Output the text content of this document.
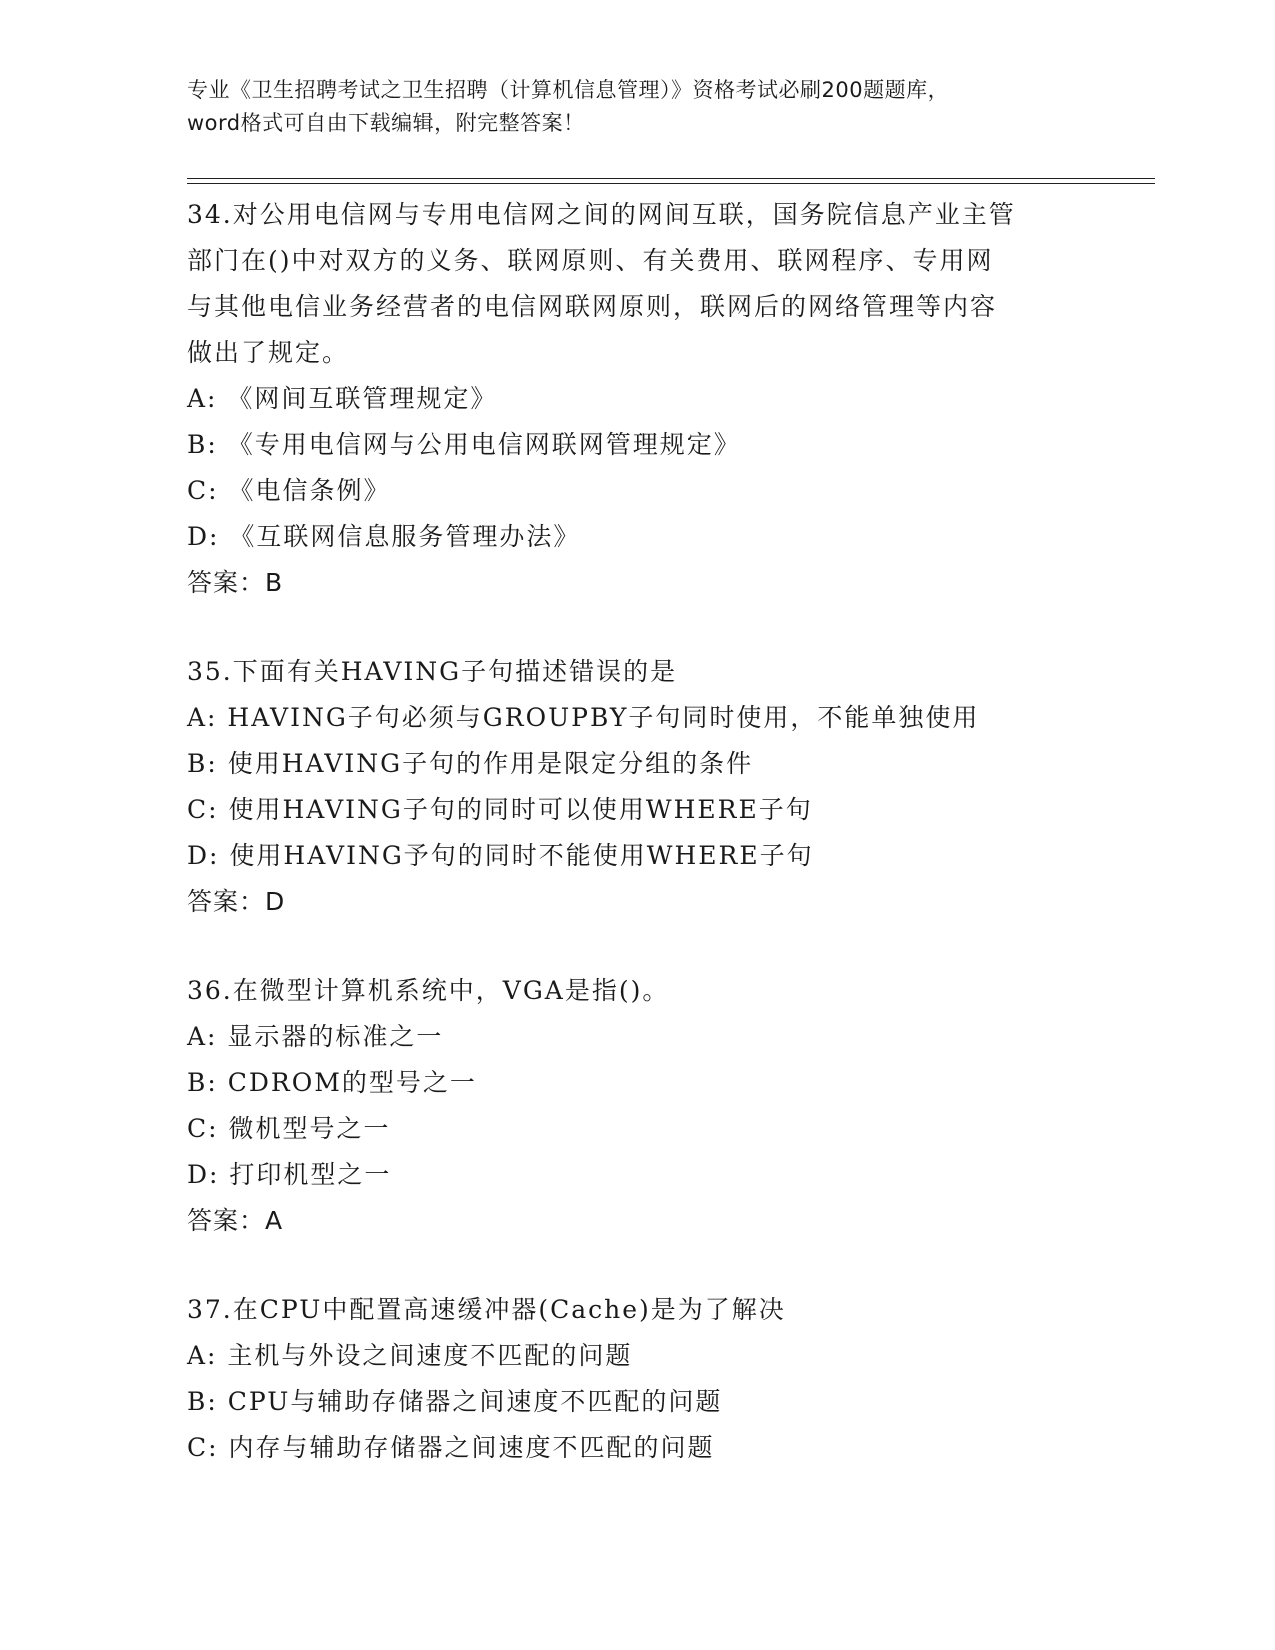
专业《卫生招聘考试之卫生招聘（计算机信息管理）》资格考试必刷200题题库，
word格式可自由下载编辑，附完整答案！
34.对公用电信网与专用电信网之间的网间互联，国务院信息产业主管
部门在()中对双方的义务、联网原则、有关费用、联网程序、专用网
与其他电信业务经营者的电信网联网原则，联网后的网络管理等内容
做出了规定。
A: 《网间互联管理规定》
B: 《专用电信网与公用电信网联网管理规定》
C: 《电信条例》
D: 《互联网信息服务管理办法》
答案：B
35.下面有关HAVING子句描述错误的是
A: HAVING子句必须与GROUPBY子句同时使用，不能单独使用
B: 使用HAVING子句的作用是限定分组的条件
C: 使用HAVING子句的同时可以使用WHERE子句
D: 使用HAVING予句的同时不能使用WHERE子句
答案：D
36.在微型计算机系统中，VGA是指()。
A: 显示器的标准之一
B: CDROM的型号之一
C: 微机型号之一
D: 打印机型之一
答案：A
37.在CPU中配置高速缓冲器(Cache)是为了解决
A: 主机与外设之间速度不匹配的问题
B: CPU与辅助存储器之间速度不匹配的问题
C: 内存与辅助存储器之间速度不匹配的问题
